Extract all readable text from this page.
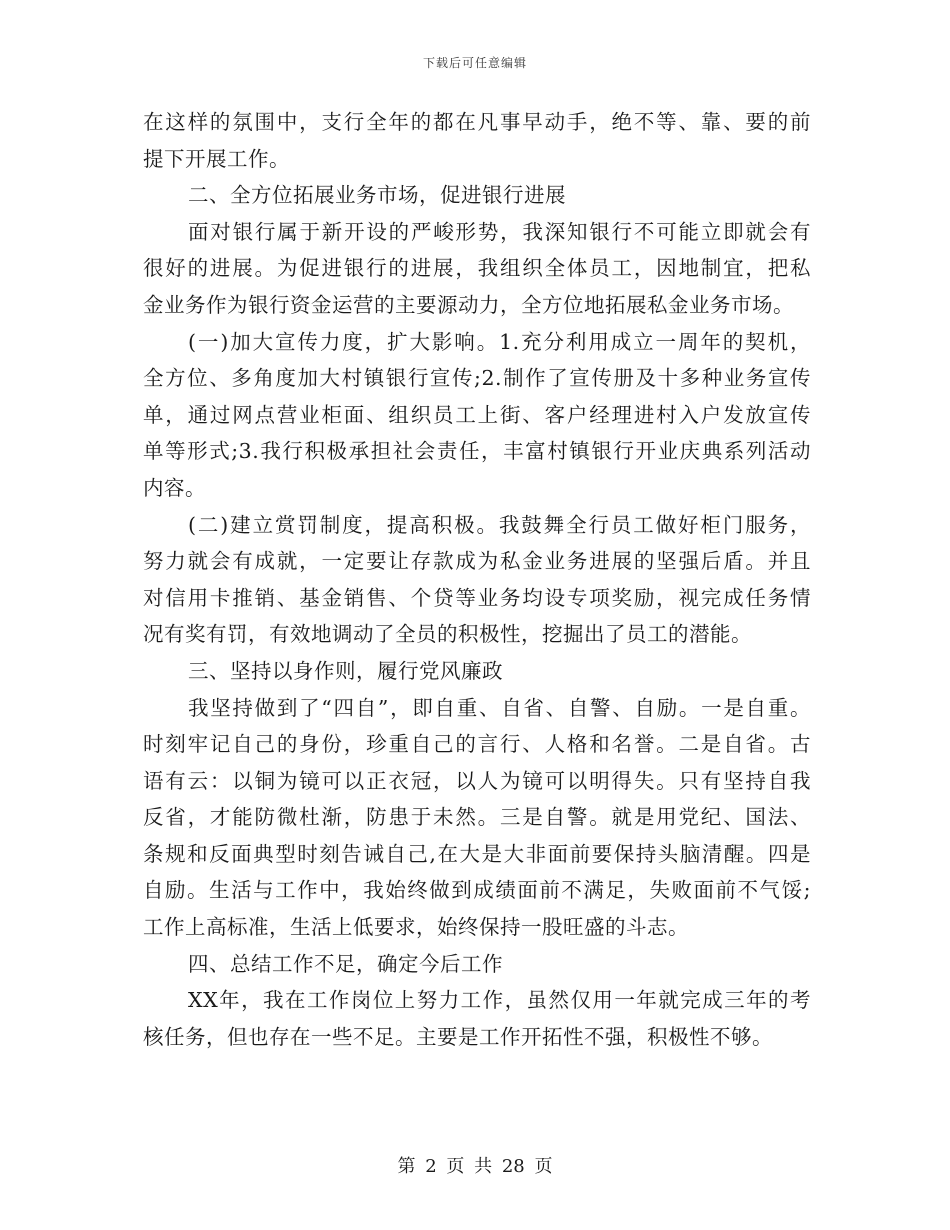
下载后可任意编辑
在这样的氛围中，支行全年的都在凡事早动手，绝不等、靠、要的前
提下开展工作。
二、全方位拓展业务市场，促进银行进展
面对银行属于新开设的严峻形势，我深知银行不可能立即就会有
很好的进展。为促进银行的进展，我组织全体员工，因地制宜，把私
金业务作为银行资金运营的主要源动力，全方位地拓展私金业务市场。
(一)加大宣传力度，扩大影响。1.充分利用成立一周年的契机，
全方位、多角度加大村镇银行宣传;2.制作了宣传册及十多种业务宣传
单，通过网点营业柜面、组织员工上街、客户经理进村入户发放宣传
单等形式;3.我行积极承担社会责任，丰富村镇银行开业庆典系列活动
内容。
(二)建立赏罚制度，提高积极。我鼓舞全行员工做好柜门服务，
努力就会有成就，一定要让存款成为私金业务进展的坚强后盾。并且
对信用卡推销、基金销售、个贷等业务均设专项奖励，视完成任务情
况有奖有罚，有效地调动了全员的积极性，挖掘出了员工的潜能。
三、坚持以身作则，履行党风廉政
我坚持做到了“四自”，即自重、自省、自警、自励。一是自重。
时刻牢记自己的身份，珍重自己的言行、人格和名誉。二是自省。古
语有云：以铜为镜可以正衣冠，以人为镜可以明得失。只有坚持自我
反省，才能防微杜渐，防患于未然。三是自警。就是用党纪、国法、
条规和反面典型时刻告诫自己,在大是大非面前要保持头脑清醒。四是
自励。生活与工作中，我始终做到成绩面前不满足，失败面前不气馁;
工作上高标准，生活上低要求，始终保持一股旺盛的斗志。
四、总结工作不足，确定今后工作
XX年，我在工作岗位上努力工作，虽然仅用一年就完成三年的考
核任务，但也存在一些不足。主要是工作开拓性不强，积极性不够。
第 2 页 共 28 页
